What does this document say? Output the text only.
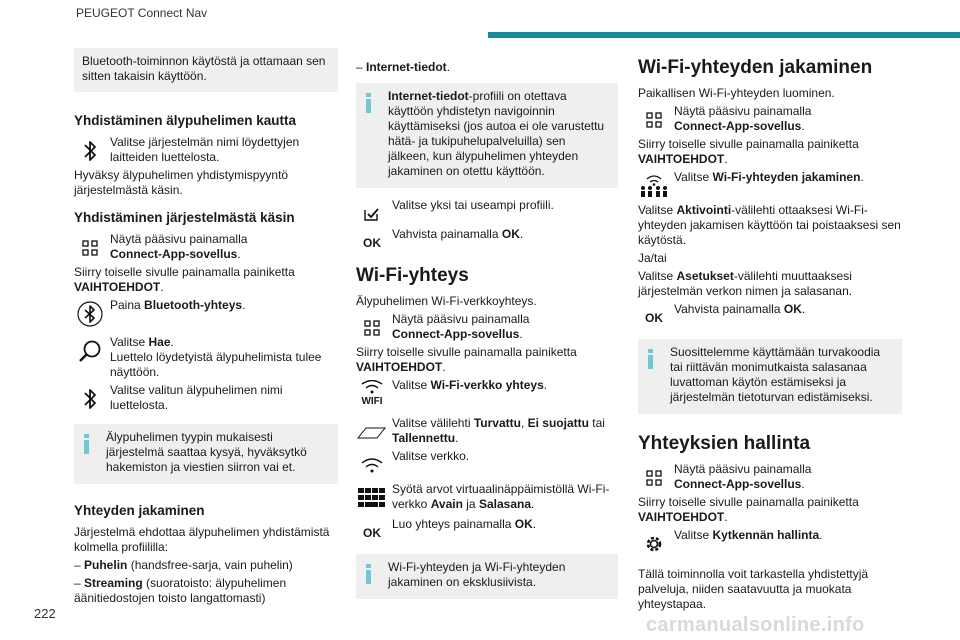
PEUGEOT Connect Nav
Bluetooth-toiminnon käytöstä ja ottamaan sen sitten takaisin käyttöön.
Yhdistäminen älypuhelimen kautta
Valitse järjestelmän nimi löydettyjen laitteiden luettelosta.
Hyväksy älypuhelimen yhdistymispyyntö järjestelmästä käsin.
Yhdistäminen järjestelmästä käsin
Näytä pääsivu painamalla
Connect-App-sovellus.
Siirry toiselle sivulle painamalla painiketta VAIHTOEHDOT.
Paina Bluetooth-yhteys.
Valitse Hae.
Luettelo löydetyistä älypuhelimista tulee näyttöön.
Valitse valitun älypuhelimen nimi luettelosta.
Älypuhelimen tyypin mukaisesti järjestelmä saattaa kysyä, hyväksytkö hakemiston ja viestien siirron vai et.
Yhteyden jakaminen
Järjestelmä ehdottaa älypuhelimen yhdistämistä kolmella profiililla:
– Puhelin (handsfree-sarja, vain puhelin)
– Streaming (suoratoisto: älypuhelimen äänitiedostojen toisto langattomasti)
– Internet-tiedot.
Internet-tiedot-profiili on otettava käyttöön yhdistetyn navigoinnin käyttämiseksi (jos autoa ei ole varustettu hätä- ja tukipuhelupalveluilla) sen jälkeen, kun älypuhelimen yhteyden jakaminen on otettu käyttöön.
Valitse yksi tai useampi profiili.
OK
Vahvista painamalla OK.
Wi-Fi-yhteys
Älypuhelimen Wi-Fi-verkkoyhteys.
Näytä pääsivu painamalla
Connect-App-sovellus.
Siirry toiselle sivulle painamalla painiketta VAIHTOEHDOT.
WIFI
Valitse Wi-Fi-verkko yhteys.
Valitse välilehti Turvattu, Ei suojattu tai Tallennettu.
Valitse verkko.
Syötä arvot virtuaalinäppäimistöllä Wi-Fi-verkko Avain ja Salasana.
OK
Luo yhteys painamalla OK.
Wi-Fi-yhteyden ja Wi-Fi-yhteyden jakaminen on eksklusiivista.
Wi-Fi-yhteyden jakaminen
Paikallisen Wi-Fi-yhteyden luominen.
Näytä pääsivu painamalla
Connect-App-sovellus.
Siirry toiselle sivulle painamalla painiketta VAIHTOEHDOT.
Valitse Wi-Fi-yhteyden jakaminen.
Valitse Aktivointi-välilehti ottaaksesi Wi-Fi-yhteyden jakamisen käyttöön tai poistaaksesi sen käytöstä.
Ja/tai
Valitse Asetukset-välilehti muuttaaksesi järjestelmän verkon nimen ja salasanan.
OK
Vahvista painamalla OK.
Suosittelemme käyttämään turvakoodia tai riittävän monimutkaista salasanaa luvattoman käytön estämiseksi ja järjestelmän tietoturvan edistämiseksi.
Yhteyksien hallinta
Näytä pääsivu painamalla
Connect-App-sovellus.
Siirry toiselle sivulle painamalla painiketta VAIHTOEHDOT.
Valitse Kytkennän hallinta.
Tällä toiminnolla voit tarkastella yhdistettyjä palveluja, niiden saatavuutta ja muokata yhteystapaa.
222
carmanualsonline.info
